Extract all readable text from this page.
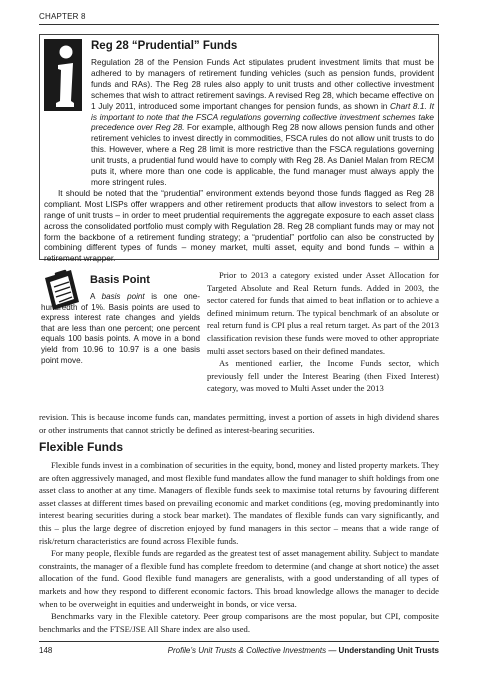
CHAPTER 8
Reg 28 “Prudential” Funds

Regulation 28 of the Pension Funds Act stipulates prudent investment limits that must be adhered to by managers of retirement funding vehicles (such as pension funds, provident funds and RAs). The Reg 28 rules also apply to unit trusts and other collective investment schemes that wish to attract retirement savings. A revised Reg 28, which became effective on 1 July 2011, introduced some important changes for pension funds, as shown in Chart 8.1. It is important to note that the FSCA regulations governing collective investment schemes take precedence over Reg 28. For example, although Reg 28 now allows pension funds and other retirement vehicles to invest directly in commodities, FSCA rules do not allow unit trusts to do this. However, where a Reg 28 limit is more restrictive than the FSCA regulations governing unit trusts, a prudential fund would have to comply with Reg 28. As Daniel Malan from RECM puts it, where more than one code is applicable, the fund manager must always apply the more stringent rules.

It should be noted that the “prudential” environment extends beyond those funds flagged as Reg 28 compliant. Most LISPs offer wrappers and other retirement products that allow investors to select from a range of unit trusts – in order to meet prudential requirements the aggregate exposure to each asset class across the consolidated portfolio must comply with Regulation 28. Reg 28 compliant funds may or may not form the backbone of a retirement funding strategy; a “prudential” portfolio can also be constructed by combining different types of funds – money market, multi asset, equity and bond funds – within a retirement wrapper.

Basis Point

A basis point is one one-hundredth of 1%. Basis points are used to express interest rate changes and yields that are less than one percent; one percent equals 100 basis points. A move in a bond yield from 10.96 to 10.97 is a one basis point move.

Prior to 2013 a category existed under Asset Allocation for Targeted Absolute and Real Return funds. Added in 2003, the sector catered for funds that aimed to beat inflation or to achieve a defined minimum return. The typical benchmark of an absolute or real return fund is CPI plus a real return target. As part of the 2013 classification revision these funds were moved to other appropriate multi asset sectors based on their defined mandates.

As mentioned earlier, the Income Funds sector, which previously fell under the Interest Bearing (then Fixed Interest) category, was moved to Multi Asset under the 2013

revision. This is because income funds can, mandates permitting, invest a portion of assets in high dividend shares or other instruments that cannot strictly be defined as interest-bearing securities.

Flexible Funds

Flexible funds invest in a combination of securities in the equity, bond, money and listed property markets. They are often aggressively managed, and most flexible fund mandates allow the fund manager to shift holdings from one asset class to another at any time. Managers of flexible funds seek to maximise total returns by favouring different asset classes at different times based on prevailing economic and market conditions (eg, moving predominantly into interest bearing securities during a stock bear market). The mandates of flexible funds can vary significantly, and this – plus the large degree of discretion enjoyed by fund managers in this sector – means that a wide range of risk/return characteristics are found across Flexible funds.

For many people, flexible funds are regarded as the greatest test of asset management ability. Subject to mandate constraints, the manager of a flexible fund has complete freedom to determine (and change at short notice) the asset allocation of the fund. Good flexible fund managers are generalists, with a good understanding of all types of markets and how they respond to different economic factors. This broad knowledge allows the manager to decide when to be overweight in equities and underweight in bonds, or vice versa.

Benchmarks vary in the Flexible catetory. Peer group comparisons are the most popular, but CPI, composite benchmarks and the FTSE/JSE All Share index are also used.

148	Profile’s Unit Trusts & Collective Investments — Understanding Unit Trusts
